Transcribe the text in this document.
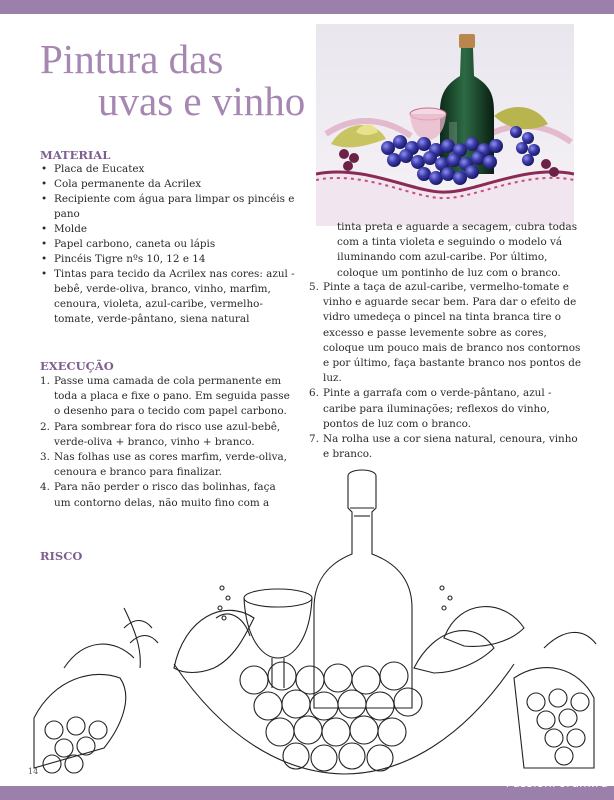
Pintura das
uvas e vinho
MATERIAL
• Placa de Eucatex
• Cola permanente da Acrilex
• Recipiente com água para limpar os pincéis e pano
• Molde
• Papel carbono, caneta ou lápis
• Pincéis Tigre nºs 10, 12 e 14
• Tintas para tecido da Acrilex nas cores: azul -bebê, verde-oliva, branco, vinho, marfim, cenoura, violeta, azul-caribe, vermelho-tomate, verde-pântano, siena natural
EXECUÇÃO
1. Passe uma camada de cola permanente em toda a placa e fixe o pano. Em seguida passe o desenho para o tecido com papel carbono.
2. Para sombrear fora do risco use azul-bebê, verde-oliva + branco, vinho + branco.
3. Nas folhas use as cores marfim, verde-oliva, cenoura e branco para finalizar.
4. Para não perder o risco das bolinhas, faça um contorno delas, não muito fino com a
tinta preta e aguarde a secagem, cubra todas com a tinta violeta e seguindo o modelo vá iluminando com azul-caribe. Por último, coloque um pontinho de luz com o branco.
5. Pinte a taça de azul-caribe, vermelho-tomate e vinho e aguarde secar bem. Para dar o efeito de vidro umedeça o pincel na tinta branca tire o excesso e passe levemente sobre as cores, coloque um pouco mais de branco nos contornos e por último, faça bastante branco nos pontos de luz.
6. Pinte a garrafa com o verde-pântano, azul -caribe para iluminações; reflexos do vinho, pontos de luz com o branco.
7. Na rolha use a cor siena natural, cenoura, vinho e branco.
RISCO
14
PassionForum.ru
